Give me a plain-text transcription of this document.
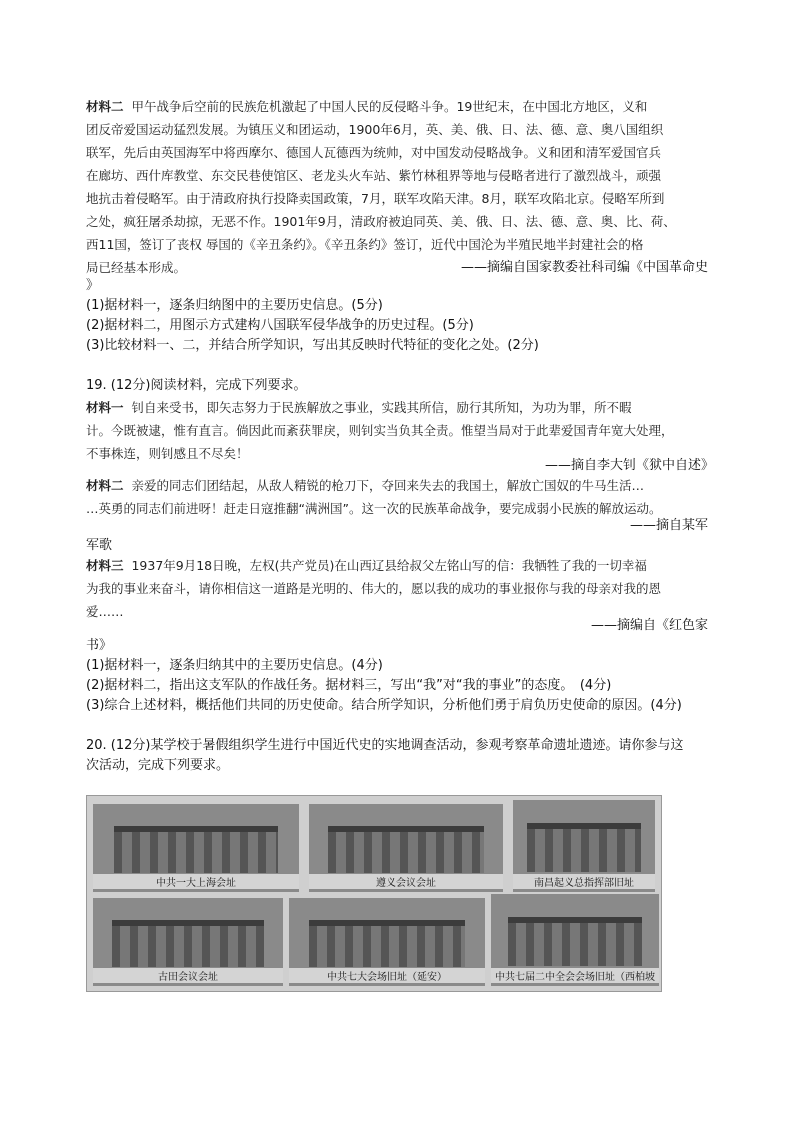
材料二 甲午战争后空前的民族危机激起了中国人民的反侵略斗争。19世纪末，在中国北方地区，义和

团反帝爱国运动猛烈发展。为镇压义和团运动，1900年6月，英、美、俄、日、法、德、意、奥八国组织

联军，先后由英国海军中将西摩尔、德国人瓦德西为统帅，对中国发动侵略战争。义和团和清军爱国官兵

在廊坊、西什库教堂、东交民巷使馆区、老龙头火车站、紫竹林租界等地与侵略者进行了激烈战斗，顽强

地抗击着侵略军。由于清政府执行投降卖国政策，7月，联军攻陷天津。8月，联军攻陷北京。侵略军所到

之处，疯狂屠杀劫掠，无恶不作。1901年9月，清政府被迫同英、美、俄、日、法、德、意、奥、比、荷、

西11国，签订了丧权 辱国的《辛丑条约》。《辛丑条约》签订，近代中国沦为半殖民地半封建社会的格

局已经基本形成。	——摘编自国家教委社科司编《中国革命史

》

(1)据材料一，逐条归纳图中的主要历史信息。(5分)

(2)据材料二，用图示方式建构八国联军侵华战争的历史过程。(5分)

(3)比较材料一、二，并结合所学知识，写出其反映时代特征的变化之处。(2分)

19. (12分)阅读材料，完成下列要求。

材料一 钊自来受书，即矢志努力于民族解放之事业，实践其所信，励行其所知，为功为罪，所不暇

计。今既被逮，惟有直言。倘因此而紊获罪戾，则钊实当负其全责。惟望当局对于此辈爱国青年宽大处理，

不事株连，则钊感且不尽矣！

——摘自李大钊《狱中自述》

材料二 亲爱的同志们团结起，从敌人精锐的枪刀下，夺回来失去的我国土，解放亡国奴的牛马生活…

…英勇的同志们前进呀！赶走日寇推翻“满洲国”。这一次的民族革命战争，要完成弱小民族的解放运动。

——摘自某军

军歌

材料三 1937年9月18日晚，左权(共产党员)在山西辽县给叔父左铭山写的信：我牺牲了我的一切幸福

为我的事业来奋斗，请你相信这一道路是光明的、伟大的，愿以我的成功的事业报你与我的母亲对我的恩

爱……

——摘编自《红色家

书》

(1)据材料一，逐条归纳其中的主要历史信息。(4分)

(2)据材料二，指出这支军队的作战任务。据材料三，写出“我”对“我的事业”的态度。　(4分)

(3)综合上述材料，概括他们共同的历史使命。结合所学知识，分析他们勇于肩负历史使命的原因。(4分)

20. (12分)某学校于暑假组织学生进行中国近代史的实地调查活动，参观考察革命遗址遗迹。请你参与这

次活动，完成下列要求。

中共一大上海会址	遵义会议会址	南昌起义总指挥部旧址
古田会议会址	中共七大会场旧址（延安）	中共七届二中全会会场旧址（西柏坡
